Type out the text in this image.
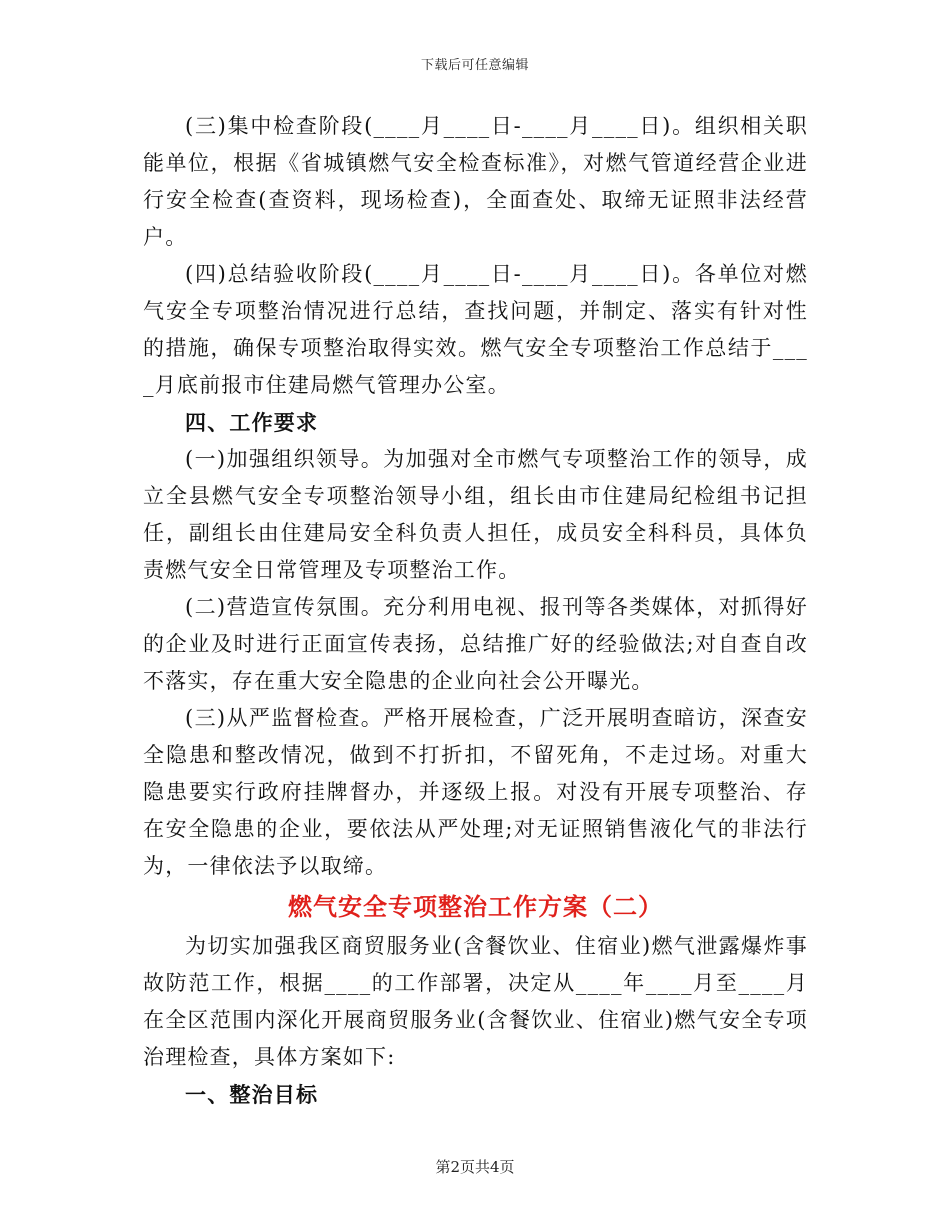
下载后可任意编辑

(三)集中检查阶段(____月____日-____月____日)。组织相关职能单位，根据《省城镇燃气安全检查标准》，对燃气管道经营企业进行安全检查(查资料，现场检查)，全面查处、取缔无证照非法经营户。

(四)总结验收阶段(____月____日-____月____日)。各单位对燃气安全专项整治情况进行总结，查找问题，并制定、落实有针对性的措施，确保专项整治取得实效。燃气安全专项整治工作总结于____月底前报市住建局燃气管理办公室。

四、工作要求

(一)加强组织领导。为加强对全市燃气专项整治工作的领导，成立全县燃气安全专项整治领导小组，组长由市住建局纪检组书记担任，副组长由住建局安全科负责人担任，成员安全科科员，具体负责燃气安全日常管理及专项整治工作。

(二)营造宣传氛围。充分利用电视、报刊等各类媒体，对抓得好的企业及时进行正面宣传表扬，总结推广好的经验做法;对自查自改不落实，存在重大安全隐患的企业向社会公开曝光。

(三)从严监督检查。严格开展检查，广泛开展明查暗访，深查安全隐患和整改情况，做到不打折扣，不留死角，不走过场。对重大隐患要实行政府挂牌督办，并逐级上报。对没有开展专项整治、存在安全隐患的企业，要依法从严处理;对无证照销售液化气的非法行为，一律依法予以取缔。

燃气安全专项整治工作方案（二）

为切实加强我区商贸服务业(含餐饮业、住宿业)燃气泄露爆炸事故防范工作，根据____的工作部署，决定从____年____月至____月在全区范围内深化开展商贸服务业(含餐饮业、住宿业)燃气安全专项治理检查，具体方案如下:

一、整治目标

第2页共4页
